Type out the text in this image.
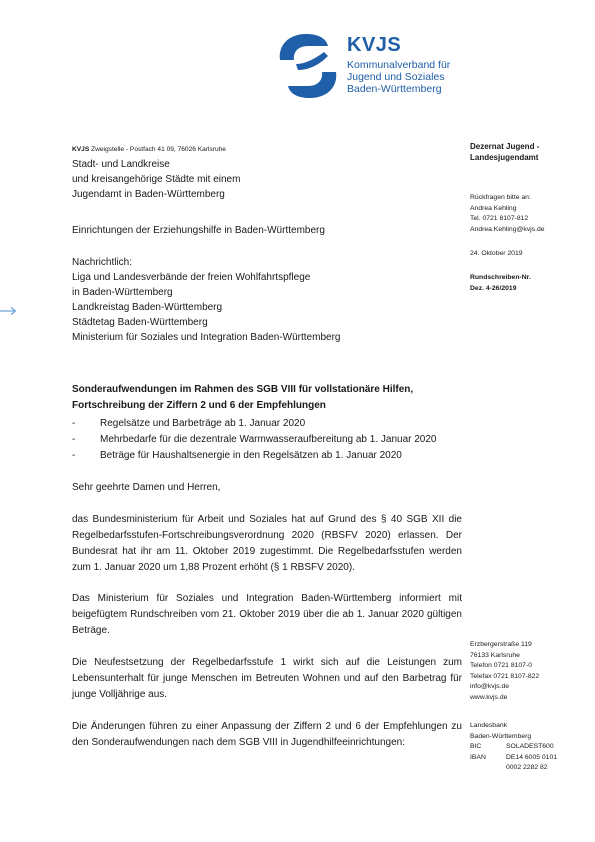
KVJS
Kommunalverband für
Jugend und Soziales
Baden-Württemberg
KVJS Zweigstelle - Postfach 41 09, 76026 Karlsruhe
Stadt- und Landkreise
und kreisangehörige Städte mit einem
Jugendamt in Baden-Württemberg
Einrichtungen der Erziehungshilfe in Baden-Württemberg
Nachrichtlich:
Liga und Landesverbände der freien Wohlfahrtspflege
in Baden-Württemberg
Landkreistag Baden-Württemberg
Städtetag Baden-Württemberg
Ministerium für Soziales und Integration Baden-Württemberg
Dezernat Jugend -
Landesjugendamt
Rückfragen bitte an:
Andrea Kehling
Tel. 0721 8107-812
Andrea.Kehling@kvjs.de
24. Oktober 2019
Rundschreiben-Nr.
Dez. 4-26/2019
Erzbergerstraße 119
76133 Karlsruhe
Telefon 0721 8107-0
Telefax 0721 8107-822
info@kvjs.de
www.kvjs.de
Landesbank
Baden-Württemberg
BIC	SOLADEST600
IBAN	DE14 6005 0101
	0002 2282 82
Sonderaufwendungen im Rahmen des SGB VIII für vollstationäre Hilfen,
Fortschreibung der Ziffern 2 und 6 der Empfehlungen
-	Regelsätze und Barbeträge ab 1. Januar 2020
-	Mehrbedarfe für die dezentrale Warmwasseraufbereitung ab 1. Januar 2020
-	Beträge für Haushaltsenergie in den Regelsätzen ab 1. Januar 2020
Sehr geehrte Damen und Herren,
das Bundesministerium für Arbeit und Soziales hat auf Grund des § 40 SGB XII die Regelbedarfsstufen-Fortschreibungsverordnung 2020 (RBSFV 2020) erlassen. Der Bundesrat hat ihr am 11. Oktober 2019 zugestimmt. Die Regelbedarfsstufen werden zum 1. Januar 2020 um 1,88 Prozent erhöht (§ 1 RBSFV 2020).
Das Ministerium für Soziales und Integration Baden-Württemberg informiert mit beigefügtem Rundschreiben vom 21. Oktober 2019 über die ab 1. Januar 2020 gültigen Beträge.
Die Neufestsetzung der Regelbedarfsstufe 1 wirkt sich auf die Leistungen zum Lebensunterhalt für junge Menschen im Betreuten Wohnen und auf den Barbetrag für junge Volljährige aus.
Die Änderungen führen zu einer Anpassung der Ziffern 2 und 6 der Empfehlungen zu den Sonderaufwendungen nach dem SGB VIII in Jugendhilfeeinrichtungen:
